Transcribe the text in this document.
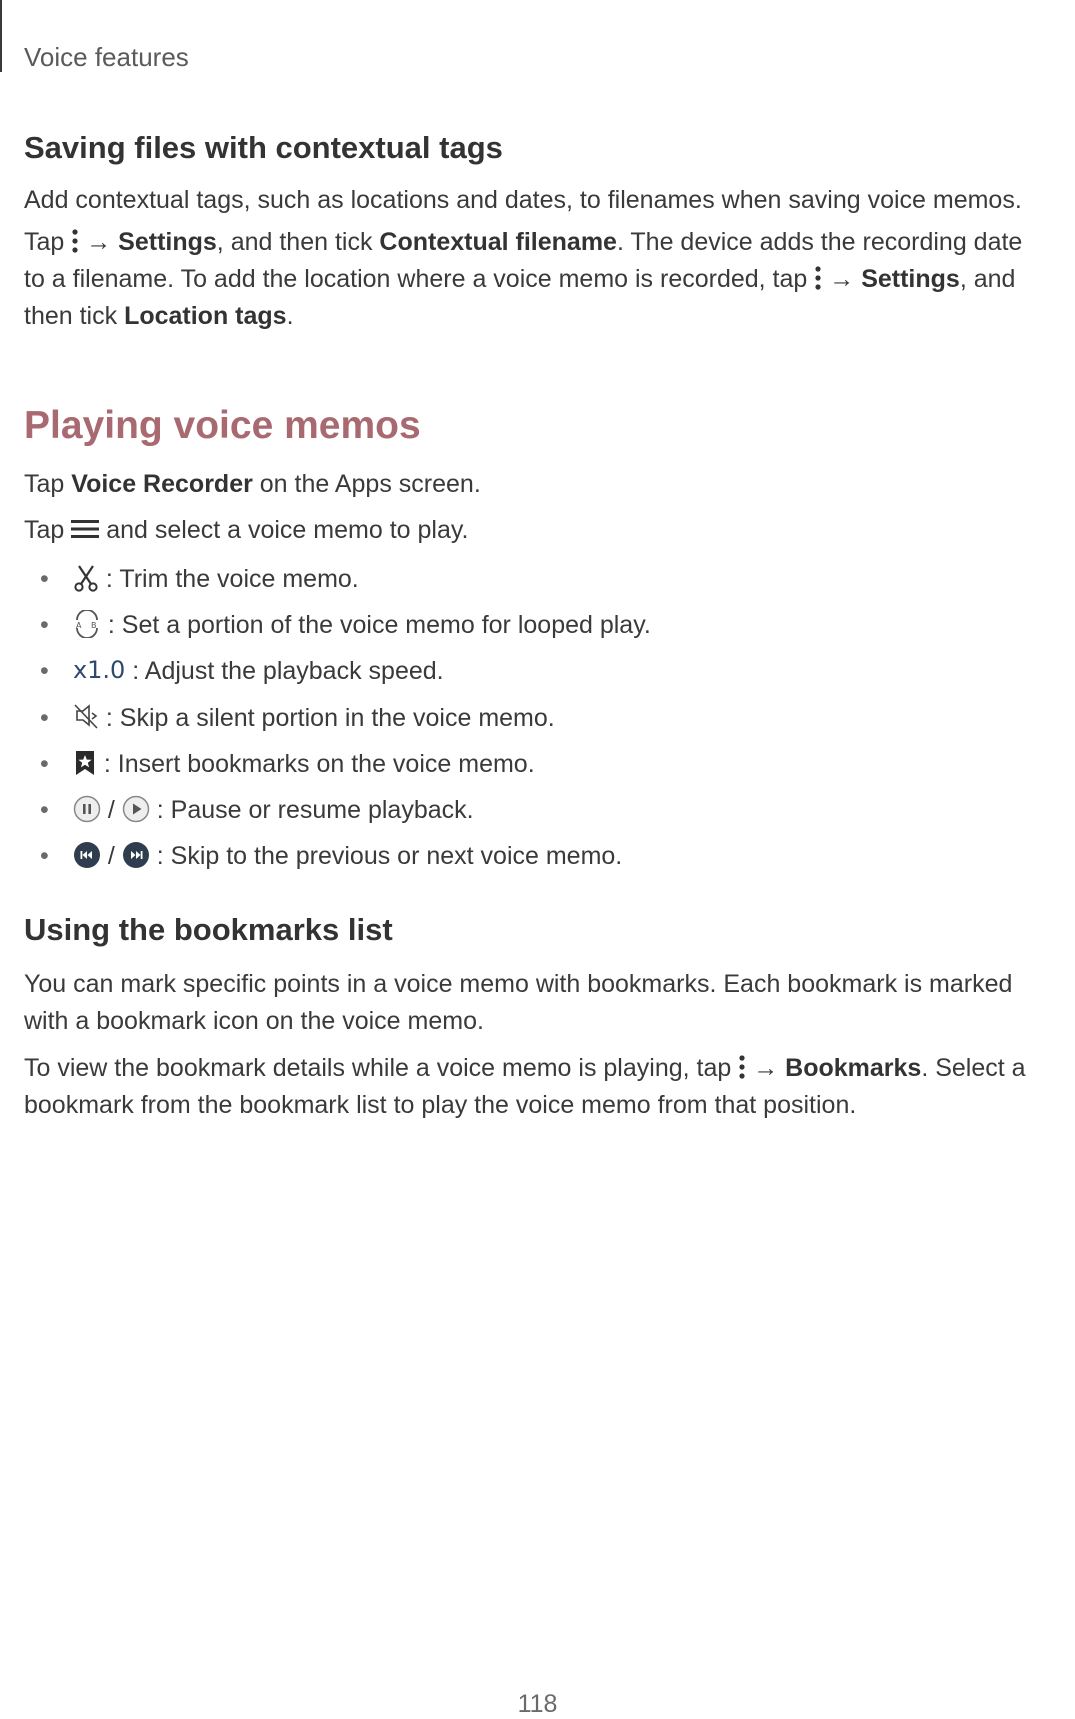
Voice features
Saving files with contextual tags
Add contextual tags, such as locations and dates, to filenames when saving voice memos.
Tap → Settings, and then tick Contextual filename. The device adds the recording date to a filename. To add the location where a voice memo is recorded, tap → Settings, and then tick Location tags.
Playing voice memos
Tap Voice Recorder on the Apps screen.
Tap and select a voice memo to play.
• : Trim the voice memo.
•	A B : Set a portion of the voice memo for looped play.
• x1.0 : Adjust the playback speed.
• : Skip a silent portion in the voice memo.
• : Insert bookmarks on the voice memo.
• / : Pause or resume playback.
• / : Skip to the previous or next voice memo.
Using the bookmarks list
You can mark specific points in a voice memo with bookmarks. Each bookmark is marked with a bookmark icon on the voice memo.
To view the bookmark details while a voice memo is playing, tap → Bookmarks. Select a bookmark from the bookmark list to play the voice memo from that position.
118
